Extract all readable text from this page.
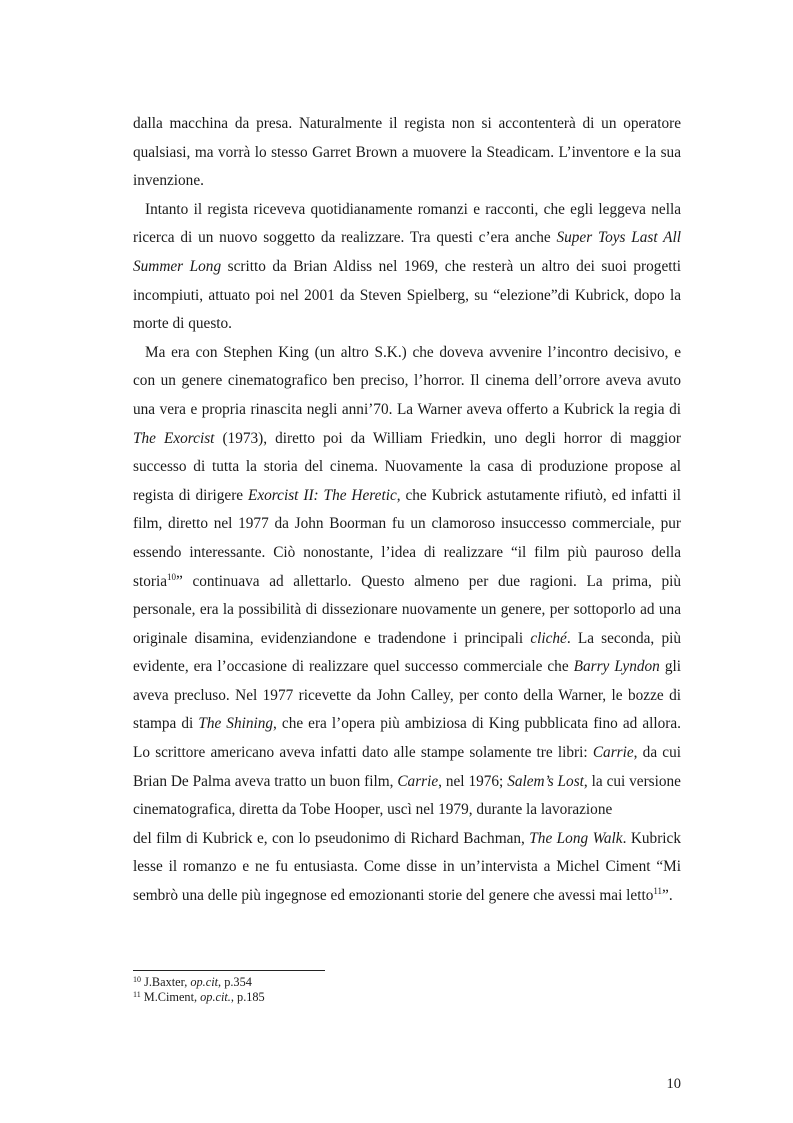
dalla macchina da presa. Naturalmente il regista non si accontenterà di un operatore qualsiasi, ma vorrà lo stesso Garret Brown a muovere la Steadicam. L’inventore e la sua invenzione.

Intanto il regista riceveva quotidianamente romanzi e racconti, che egli leggeva nella ricerca di un nuovo soggetto da realizzare. Tra questi c’era anche Super Toys Last All Summer Long scritto da Brian Aldiss nel 1969, che resterà un altro dei suoi progetti incompiuti, attuato poi nel 2001 da Steven Spielberg, su “elezione”di Kubrick, dopo la morte di questo.

Ma era con Stephen King (un altro S.K.) che doveva avvenire l’incontro decisivo, e con un genere cinematografico ben preciso, l’horror. Il cinema dell’orrore aveva avuto una vera e propria rinascita negli anni’70. La Warner aveva offerto a Kubrick la regia di The Exorcist (1973), diretto poi da William Friedkin, uno degli horror di maggior successo di tutta la storia del cinema. Nuovamente la casa di produzione propose al regista di dirigere Exorcist II: The Heretic, che Kubrick astutamente rifiutò, ed infatti il film, diretto nel 1977 da John Boorman fu un clamoroso insuccesso commerciale, pur essendo interessante. Ciò nonostante, l’idea di realizzare “il film più pauroso della storia$^{10}$” continuava ad allettarlo. Questo almeno per due ragioni. La prima, più personale, era la possibilità di dissezionare nuovamente un genere, per sottoporlo ad una originale disamina, evidenziandone e tradendone i principali cliché. La seconda, più evidente, era l’occasione di realizzare quel successo commerciale che Barry Lyndon gli aveva precluso. Nel 1977 ricevette da John Calley, per conto della Warner, le bozze di stampa di The Shining, che era l’opera più ambiziosa di King pubblicata fino ad allora. Lo scrittore americano aveva infatti dato alle stampe solamente tre libri: Carrie, da cui Brian De Palma aveva tratto un buon film, Carrie, nel 1976; Salem’s Lost, la cui versione cinematografica, diretta da Tobe Hooper, uscì nel 1979, durante la lavorazione

del film di Kubrick e, con lo pseudonimo di Richard Bachman, The Long Walk. Kubrick lesse il romanzo e ne fu entusiasta. Come disse in un’intervista a Michel Ciment “Mi sembrò una delle più ingegnose ed emozionanti storie del genere che avessi mai letto$^{11}$”.

$^{10}$ J.Baxter, op.cit, p.354

$^{11}$ M.Ciment, op.cit., p.185

10
